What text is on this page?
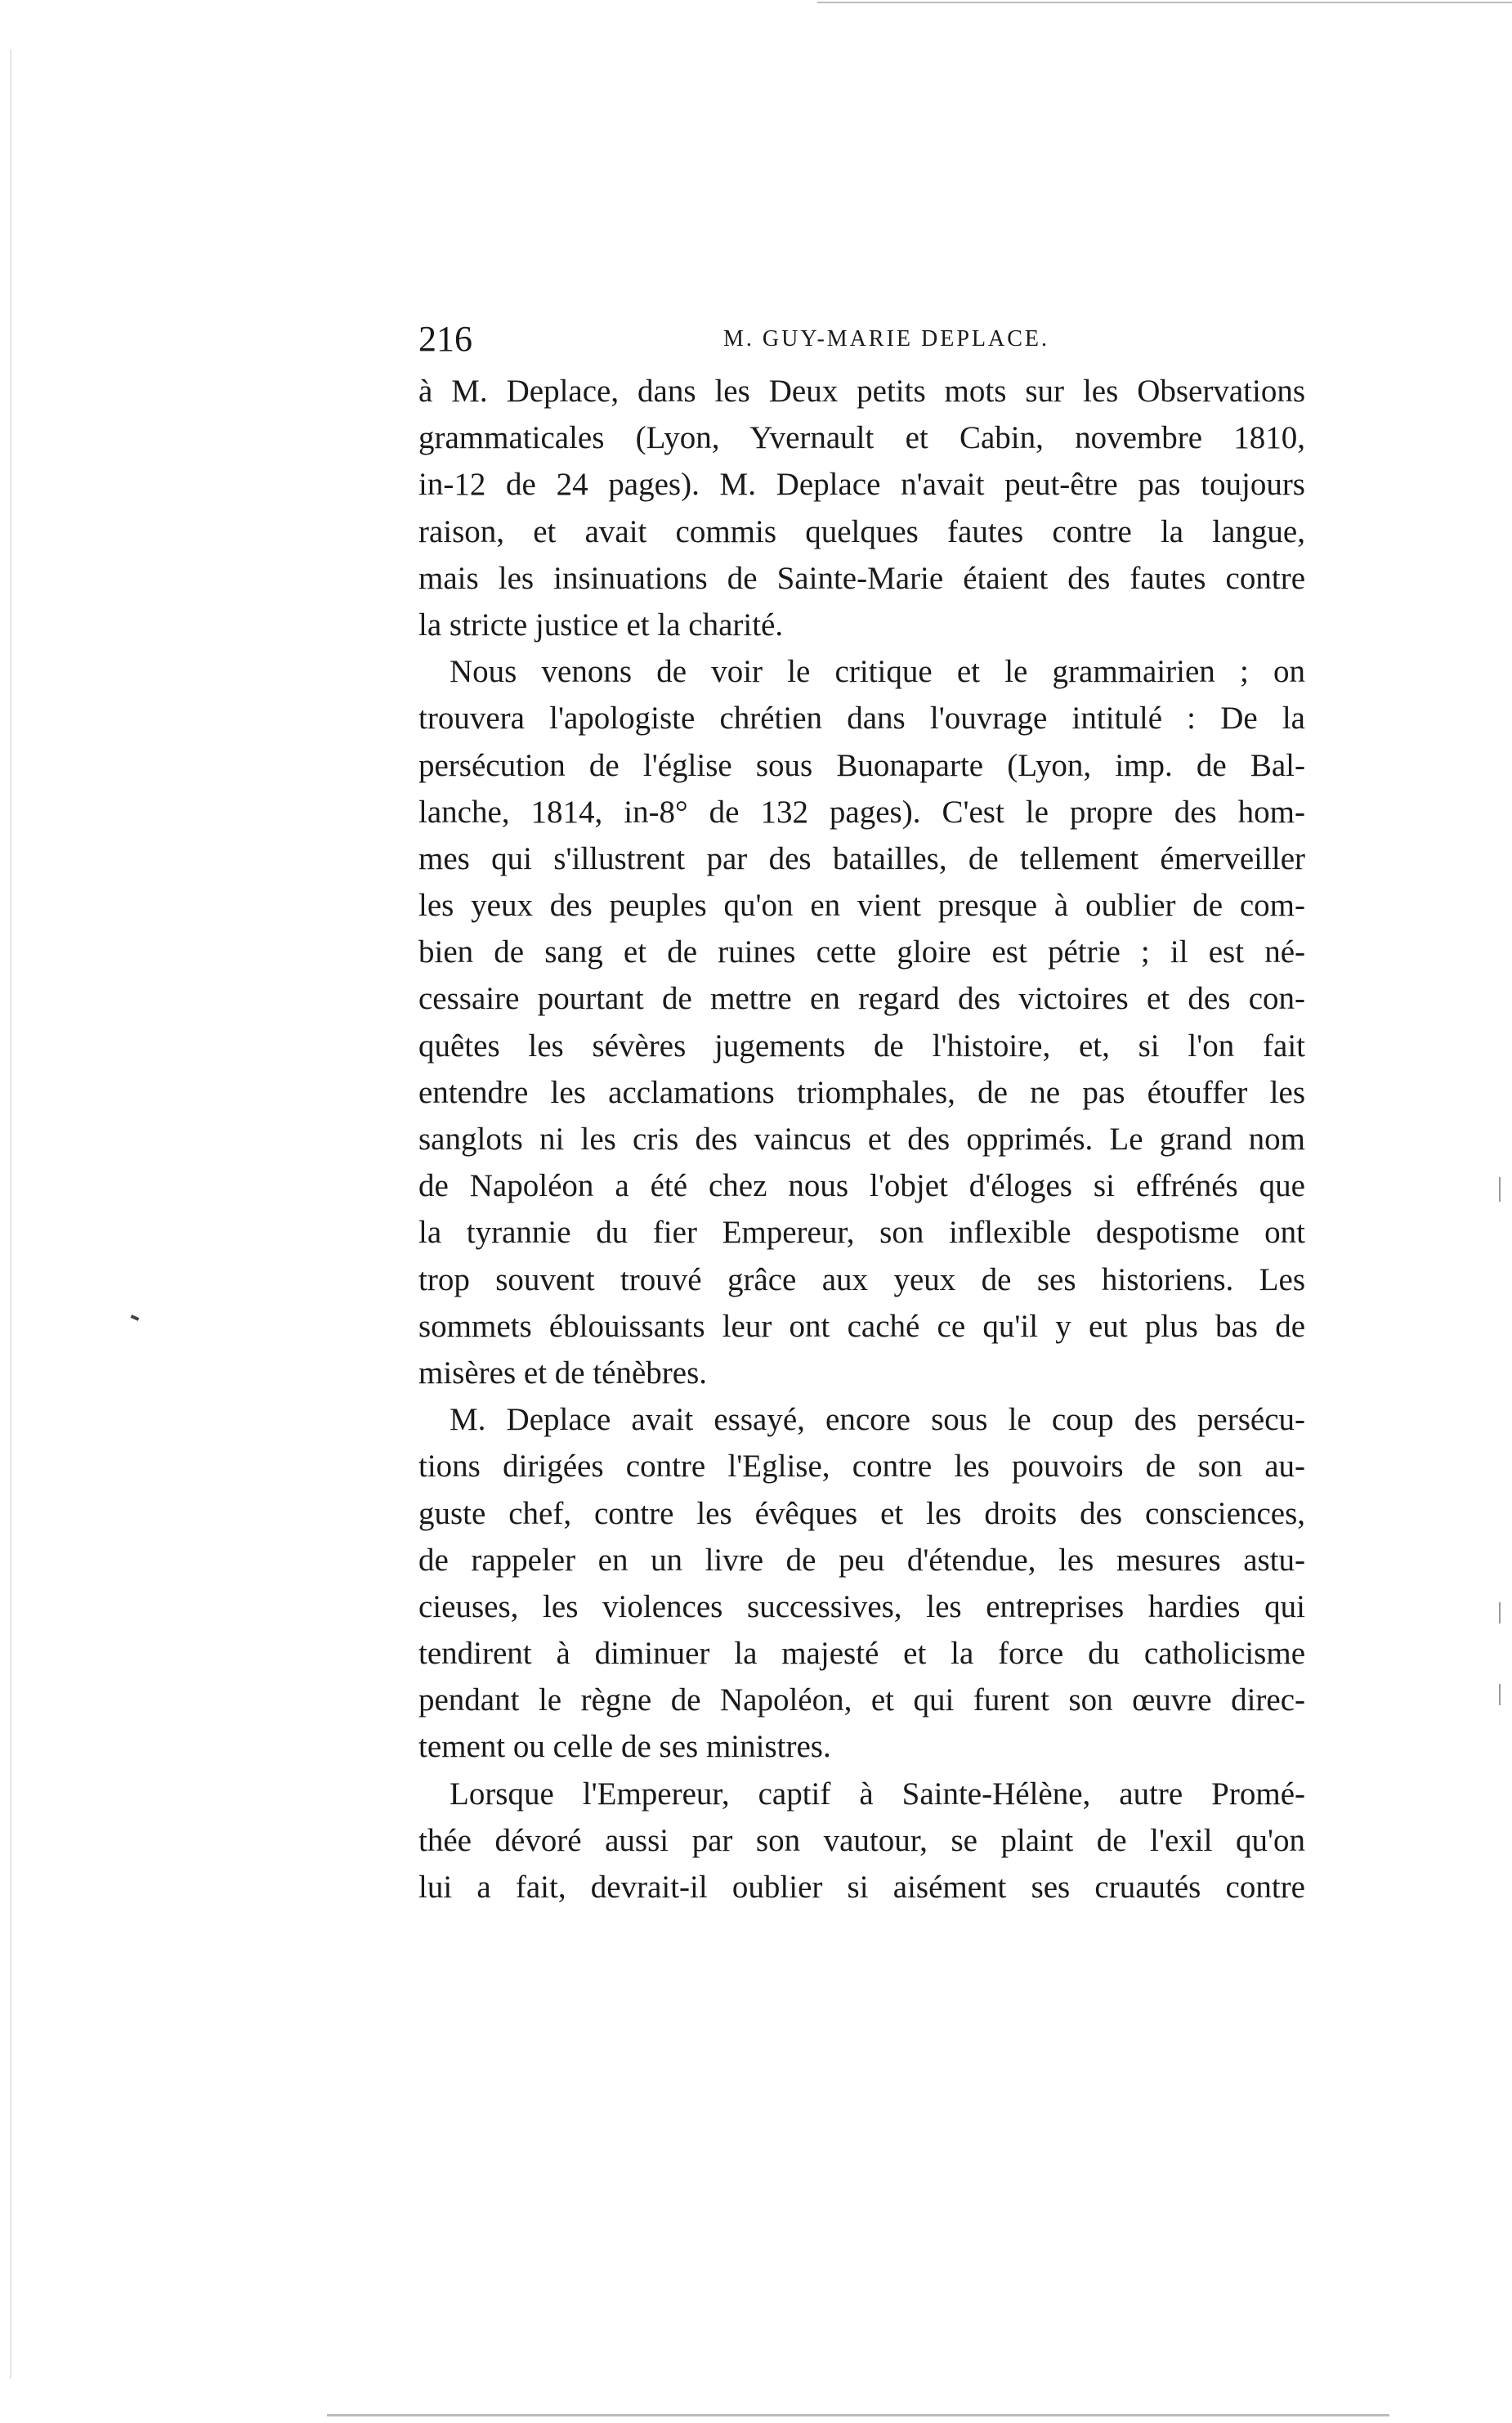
216	M. GUY-MARIE DEPLACE.
à M. Deplace, dans les Deux petits mots sur les Observations
grammaticales (Lyon, Yvernault et Cabin, novembre 1810,
in-12 de 24 pages). M. Deplace n'avait peut-être pas toujours
raison, et avait commis quelques fautes contre la langue,
mais les insinuations de Sainte-Marie étaient des fautes contre
la stricte justice et la charité.
Nous venons de voir le critique et le grammairien ; on
trouvera l'apologiste chrétien dans l'ouvrage intitulé : De la
persécution de l'église sous Buonaparte (Lyon, imp. de Bal-
lanche, 1814, in-8° de 132 pages). C'est le propre des hom-
mes qui s'illustrent par des batailles, de tellement émerveiller
les yeux des peuples qu'on en vient presque à oublier de com-
bien de sang et de ruines cette gloire est pétrie ; il est né-
cessaire pourtant de mettre en regard des victoires et des con-
quêtes les sévères jugements de l'histoire, et, si l'on fait
entendre les acclamations triomphales, de ne pas étouffer les
sanglots ni les cris des vaincus et des opprimés. Le grand nom
de Napoléon a été chez nous l'objet d'éloges si effrénés que
la tyrannie du fier Empereur, son inflexible despotisme ont
trop souvent trouvé grâce aux yeux de ses historiens. Les
sommets éblouissants leur ont caché ce qu'il y eut plus bas de
misères et de ténèbres.
M. Deplace avait essayé, encore sous le coup des persécu-
tions dirigées contre l'Eglise, contre les pouvoirs de son au-
guste chef, contre les évêques et les droits des consciences,
de rappeler en un livre de peu d'étendue, les mesures astu-
cieuses, les violences successives, les entreprises hardies qui
tendirent à diminuer la majesté et la force du catholicisme
pendant le règne de Napoléon, et qui furent son œuvre direc-
tement ou celle de ses ministres.
Lorsque l'Empereur, captif à Sainte-Hélène, autre Promé-
thée dévoré aussi par son vautour, se plaint de l'exil qu'on
lui a fait, devrait-il oublier si aisément ses cruautés contre
